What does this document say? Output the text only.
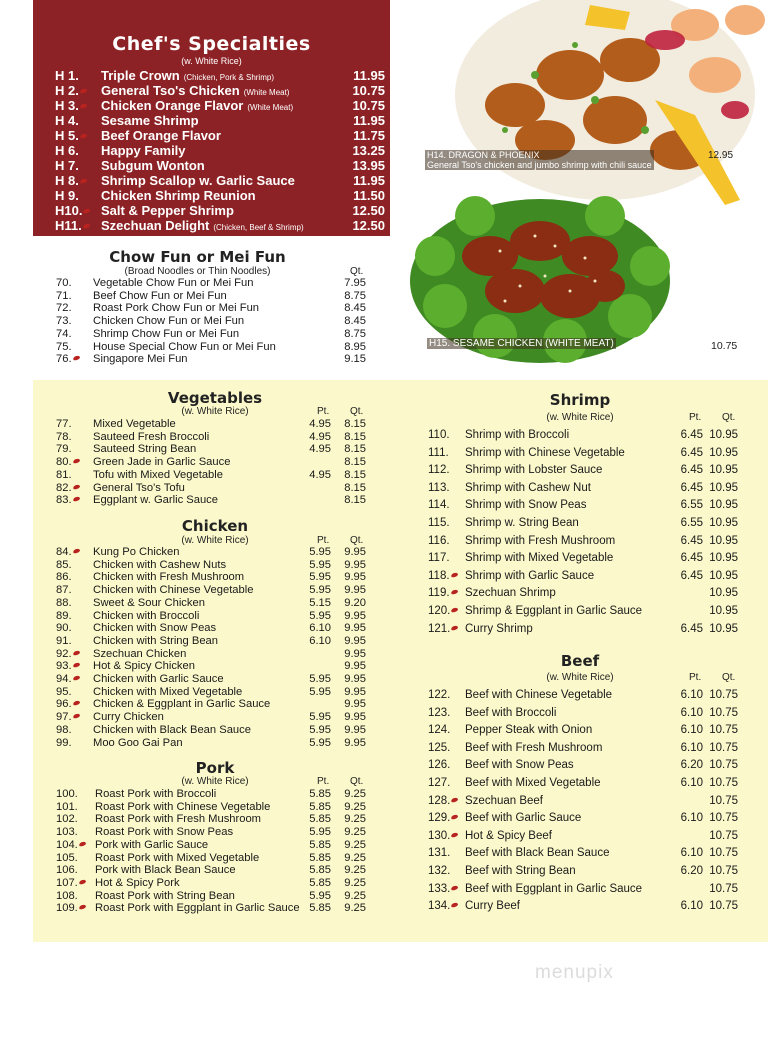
Chef's Specialties
(w. White Rice)
H 1. Triple Crown (Chicken, Pork & Shrimp)	11.95
H 2.	General Tso's Chicken (White Meat)	10.75
H 3.	Chicken Orange Flavor (White Meat)	10.75
H 4. Sesame Shrimp	11.95
H 5.	Beef Orange Flavor	11.75
H 6. Happy Family	13.25
H 7. Subgum Wonton	13.95
H 8.	Shrimp Scallop w. Garlic Sauce	11.95
H 9. Chicken Shrimp Reunion	11.50
H10.	Salt & Pepper Shrimp	12.50
H11.	Szechuan Delight (Chicken, Beef & Shrimp)	12.50
Chow Fun or Mei Fun
(Broad Noodles or Thin Noodles)	Qt.
70. Vegetable Chow Fun or Mei Fun	7.95
71. Beef Chow Fun or Mei Fun	8.75
72. Roast Pork Chow Fun or Mei Fun	8.45
73. Chicken Chow Fun or Mei Fun	8.45
74. Shrimp Chow Fun or Mei Fun	8.75
75. House Special Chow Fun or Mei Fun	8.95
76.	Singapore Mei Fun	9.15
H14. DRAGON & PHOENIX
General Tso's chicken and jumbo shrimp with chili sauce
12.95
H15. SESAME CHICKEN (WHITE MEAT)	10.75
Vegetables
(w. White Rice)	Pt. Qt.
77. Mixed Vegetable	4.95 8.15
78. Sauteed Fresh Broccoli	4.95 8.15
79. Sauteed String Bean	4.95 8.15
80.	Green Jade in Garlic Sauce	8.15
81. Tofu with Mixed Vegetable	4.95 8.15
82.	General Tso's Tofu	8.15
83.	Eggplant w. Garlic Sauce	8.15
Chicken
(w. White Rice)	Pt. Qt.
84.	Kung Po Chicken	5.95 9.95
85. Chicken with Cashew Nuts	5.95 9.95
86. Chicken with Fresh Mushroom	5.95 9.95
87. Chicken with Chinese Vegetable	5.95 9.95
88. Sweet & Sour Chicken	5.15 9.20
89. Chicken with Broccoli	5.95 9.95
90. Chicken with Snow Peas	6.10 9.95
91. Chicken with String Bean	6.10 9.95
92.	Szechuan Chicken	9.95
93.	Hot & Spicy Chicken	9.95
94.	Chicken with Garlic Sauce	5.95 9.95
95. Chicken with Mixed Vegetable	5.95 9.95
96.	Chicken & Eggplant in Garlic Sauce	9.95
97.	Curry Chicken	5.95 9.95
98. Chicken with Black Bean Sauce	5.95 9.95
99. Moo Goo Gai Pan	5.95 9.95
Pork
(w. White Rice)	Pt. Qt.
100. Roast Pork with Broccoli	5.85 9.25
101. Roast Pork with Chinese Vegetable	5.85 9.25
102. Roast Pork with Fresh Mushroom	5.85 9.25
103. Roast Pork with Snow Peas	5.95 9.25
104.	Pork with Garlic Sauce	5.85 9.25
105. Roast Pork with Mixed Vegetable	5.85 9.25
106. Pork with Black Bean Sauce	5.85 9.25
107.	Hot & Spicy Pork	5.85 9.25
108. Roast Pork with String Bean	5.95 9.25
109.	Roast Pork with Eggplant in Garlic Sauce 5.85 9.25
Shrimp
(w. White Rice)	Pt. Qt.
110. Shrimp with Broccoli	6.45 10.95
111. Shrimp with Chinese Vegetable	6.45 10.95
112. Shrimp with Lobster Sauce	6.45 10.95
113. Shrimp with Cashew Nut	6.45 10.95
114. Shrimp with Snow Peas	6.55 10.95
115. Shrimp w. String Bean	6.55 10.95
116. Shrimp with Fresh Mushroom	6.45 10.95
117. Shrimp with Mixed Vegetable	6.45 10.95
118.	Shrimp with Garlic Sauce	6.45 10.95
119.	Szechuan Shrimp	10.95
120.	Shrimp & Eggplant in Garlic Sauce	10.95
121.	Curry Shrimp	6.45 10.95
Beef
(w. White Rice)	Pt. Qt.
122. Beef with Chinese Vegetable	6.10 10.75
123. Beef with Broccoli	6.10 10.75
124. Pepper Steak with Onion	6.10 10.75
125. Beef with Fresh Mushroom	6.10 10.75
126. Beef with Snow Peas	6.20 10.75
127. Beef with Mixed Vegetable	6.10 10.75
128.	Szechuan Beef	10.75
129.	Beef with Garlic Sauce	6.10 10.75
130.	Hot & Spicy Beef	10.75
131. Beef with Black Bean Sauce	6.10 10.75
132. Beef with String Bean	6.20 10.75
133.	Beef with Eggplant in Garlic Sauce	10.75
134.	Curry Beef	6.10 10.75
menupix
